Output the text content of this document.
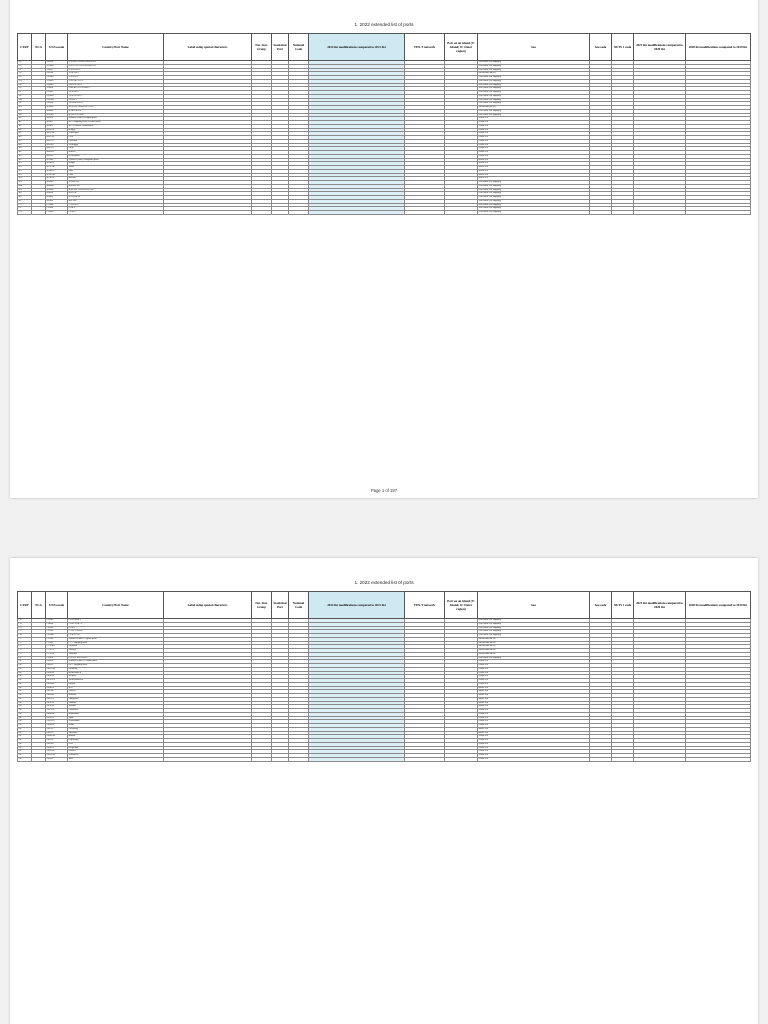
1. 2022 extended list of ports
CTRY	NCA	UN/Locode	Country/Port Name	Label using special characters	Nat. Stat. Group	Statistical Port	National Code	2022 list modifications compared to 2021 list	TEN-T network	Port on an island (Y: Island; O: Outer region)	Sea	Sea code	NUTS 1 code	2021 list modifications compared to 2020 list	2020 list modifications compared to 2019 list
AE		AE000	UNITED ARAB EMIRATES								Non Short Sea Shipping				
AG		AG000	ANTIGUA AND BARBUDA								Non Short Sea Shipping				
AI		AI000	ANGUILLA								Non Short Sea Shipping				
AL		AL000	ALBANIA								Mediterranean sea				
AO		AO000	ANGOLA								Non Short Sea Shipping				
AQ		AQ000	ANTARCTICA								Non Short Sea Shipping				
AR		AR000	ARGENTINA								Non Short Sea Shipping				
AS		AS000	AMERICAN SAMOA								Non Short Sea Shipping				
AT		AT000	AUSTRIA								Non Short Sea Shipping				
AU		AU000	AUSTRALIA								Non Short Sea Shipping				
AW		AW000	ARUBA								Non Short Sea Shipping				
AZ		AZ000	AZERBAIJAN								Non Short Sea Shipping				
BA		BA000	BOSNIA HERZEGOVINA								Mediterranean sea				
BB		BB000	BARBADOS								Non Short Sea Shipping				
BD		BD000	BANGLADESH								Non Short Sea Shipping				
BE		BE000	Unlisted [Other] Belgian ports								North Sea				
BE		BE001	BE - Shipping areas or wind farms								North Sea				
BE		BE002	BE - Offshore installations								North Sea				
BE		BEBGS	Brugge								North Sea				
BE		BEANR	Antwerpen								North Sea				
BE		BEGNE	Gent								North Sea				
BE		BEOST	Oostende								North Sea				
BE		BEZEE	Zeebrugge								North Sea				
BE		BELGG	Liège								North Sea				
BE		BEBRU	Brussel								North Sea				
BE		BENIE	Nieuwpoort								North Sea				
BG		BG000	Unlisted [Other] Bulgarian ports								Black Sea				
BG		BGBOJ	Burgas								Black Sea				
BG		BGVAR	Varna								Black Sea				
BG		BGRDU	Ruse								Black Sea				
BG		BGLOM	Lom								Black Sea				
BG		BGBAL	Balchik								Black Sea				
BH		BH000	BAHRAIN								Non Short Sea Shipping				
BM		BM000	BERMUDA								Non Short Sea Shipping				
BN		BN000	BRUNEI DARUSSALAM								Non Short Sea Shipping				
BR		BR000	BRAZIL								Non Short Sea Shipping				
BS		BS000	BAHAMAS								Non Short Sea Shipping				
BZ		BZ000	BELIZE								Non Short Sea Shipping				
CA		CA000	CANADA								Non Short Sea Shipping				
CL		CL000	CHILE								Non Short Sea Shipping				
CN		CN000	CHINA								Non Short Sea Shipping				
Page 1 of 187
1. 2022 extended list of ports
CTRY	NCA	UN/Locode	Country/Port Name	Label using special characters	Nat. Stat. Group	Statistical Port	National Code	2022 list modifications compared to 2021 list	TEN-T network	Port on an island (Y: Island; O: Outer region)	Sea	Sea code	NUTS 1 code	2021 list modifications compared to 2020 list	2020 list modifications compared to 2019 list
CO		CO000	COLOMBIA								Non Short Sea Shipping				
CR		CR000	COSTA RICA								Non Short Sea Shipping				
CU		CU000	CUBA								Non Short Sea Shipping				
CV		CV000	CAPE VERDE								Non Short Sea Shipping				
CW		CW000	CURACAO								Non Short Sea Shipping				
CY		CY000	Unlisted [Other] Cypriot ports								Mediterranean sea				
CY		CY001	CY - Shipping areas								Mediterranean sea				
CY		CYLMS	Limassol								Mediterranean sea				
CY		CYLCA	Larnaca								Mediterranean sea				
CY		CYVAS	Vasilikos								Mediterranean sea				
CZ		CZ000	CZECH REPUBLIC								Non Short Sea Shipping				
DE		DE000	Unlisted [Other] German ports								North Sea				
DE		DE001	DE - Shipping areas								North Sea				
DE		DEHAM	Hamburg								North Sea				
DE		DEBRV	Bremerhaven								North Sea				
DE		DEBRE	Bremen								North Sea				
DE		DEWVN	Wilhelmshaven								North Sea				
DE		DEEME	Emden								North Sea				
DE		DEKEL	Kiel								Baltic Sea				
DE		DELBC	Lübeck								Baltic Sea				
DE		DERSK	Rostock								Baltic Sea				
DE		DEPUT	Puttgarden								Baltic Sea				
DE		DESAS	Sassnitz								Baltic Sea				
DE		DEWIS	Wismar								Baltic Sea				
DE		DECUX	Cuxhaven								North Sea				
DE		DEBRB	Brunsbüttel								North Sea				
DE		DESTA	Stade								North Sea				
DE		DENHO	Nordenham								North Sea				
DE		DEBKE	Brake								North Sea				
DE		DEFLF	Flensburg								Baltic Sea				
DE		DESTL	Stralsund								Baltic Sea				
DE		DEBUM	Büsum								North Sea				
DE		DEPAP	Papenburg								North Sea				
DE		DELEE	Leer								North Sea				
DE		DEHEL	Helgoland								North Sea				
DE		DENOR	Norden								North Sea				
DE		DENDM	Norddeich								North Sea				
DE		DEJUI	Juist								North Sea				
